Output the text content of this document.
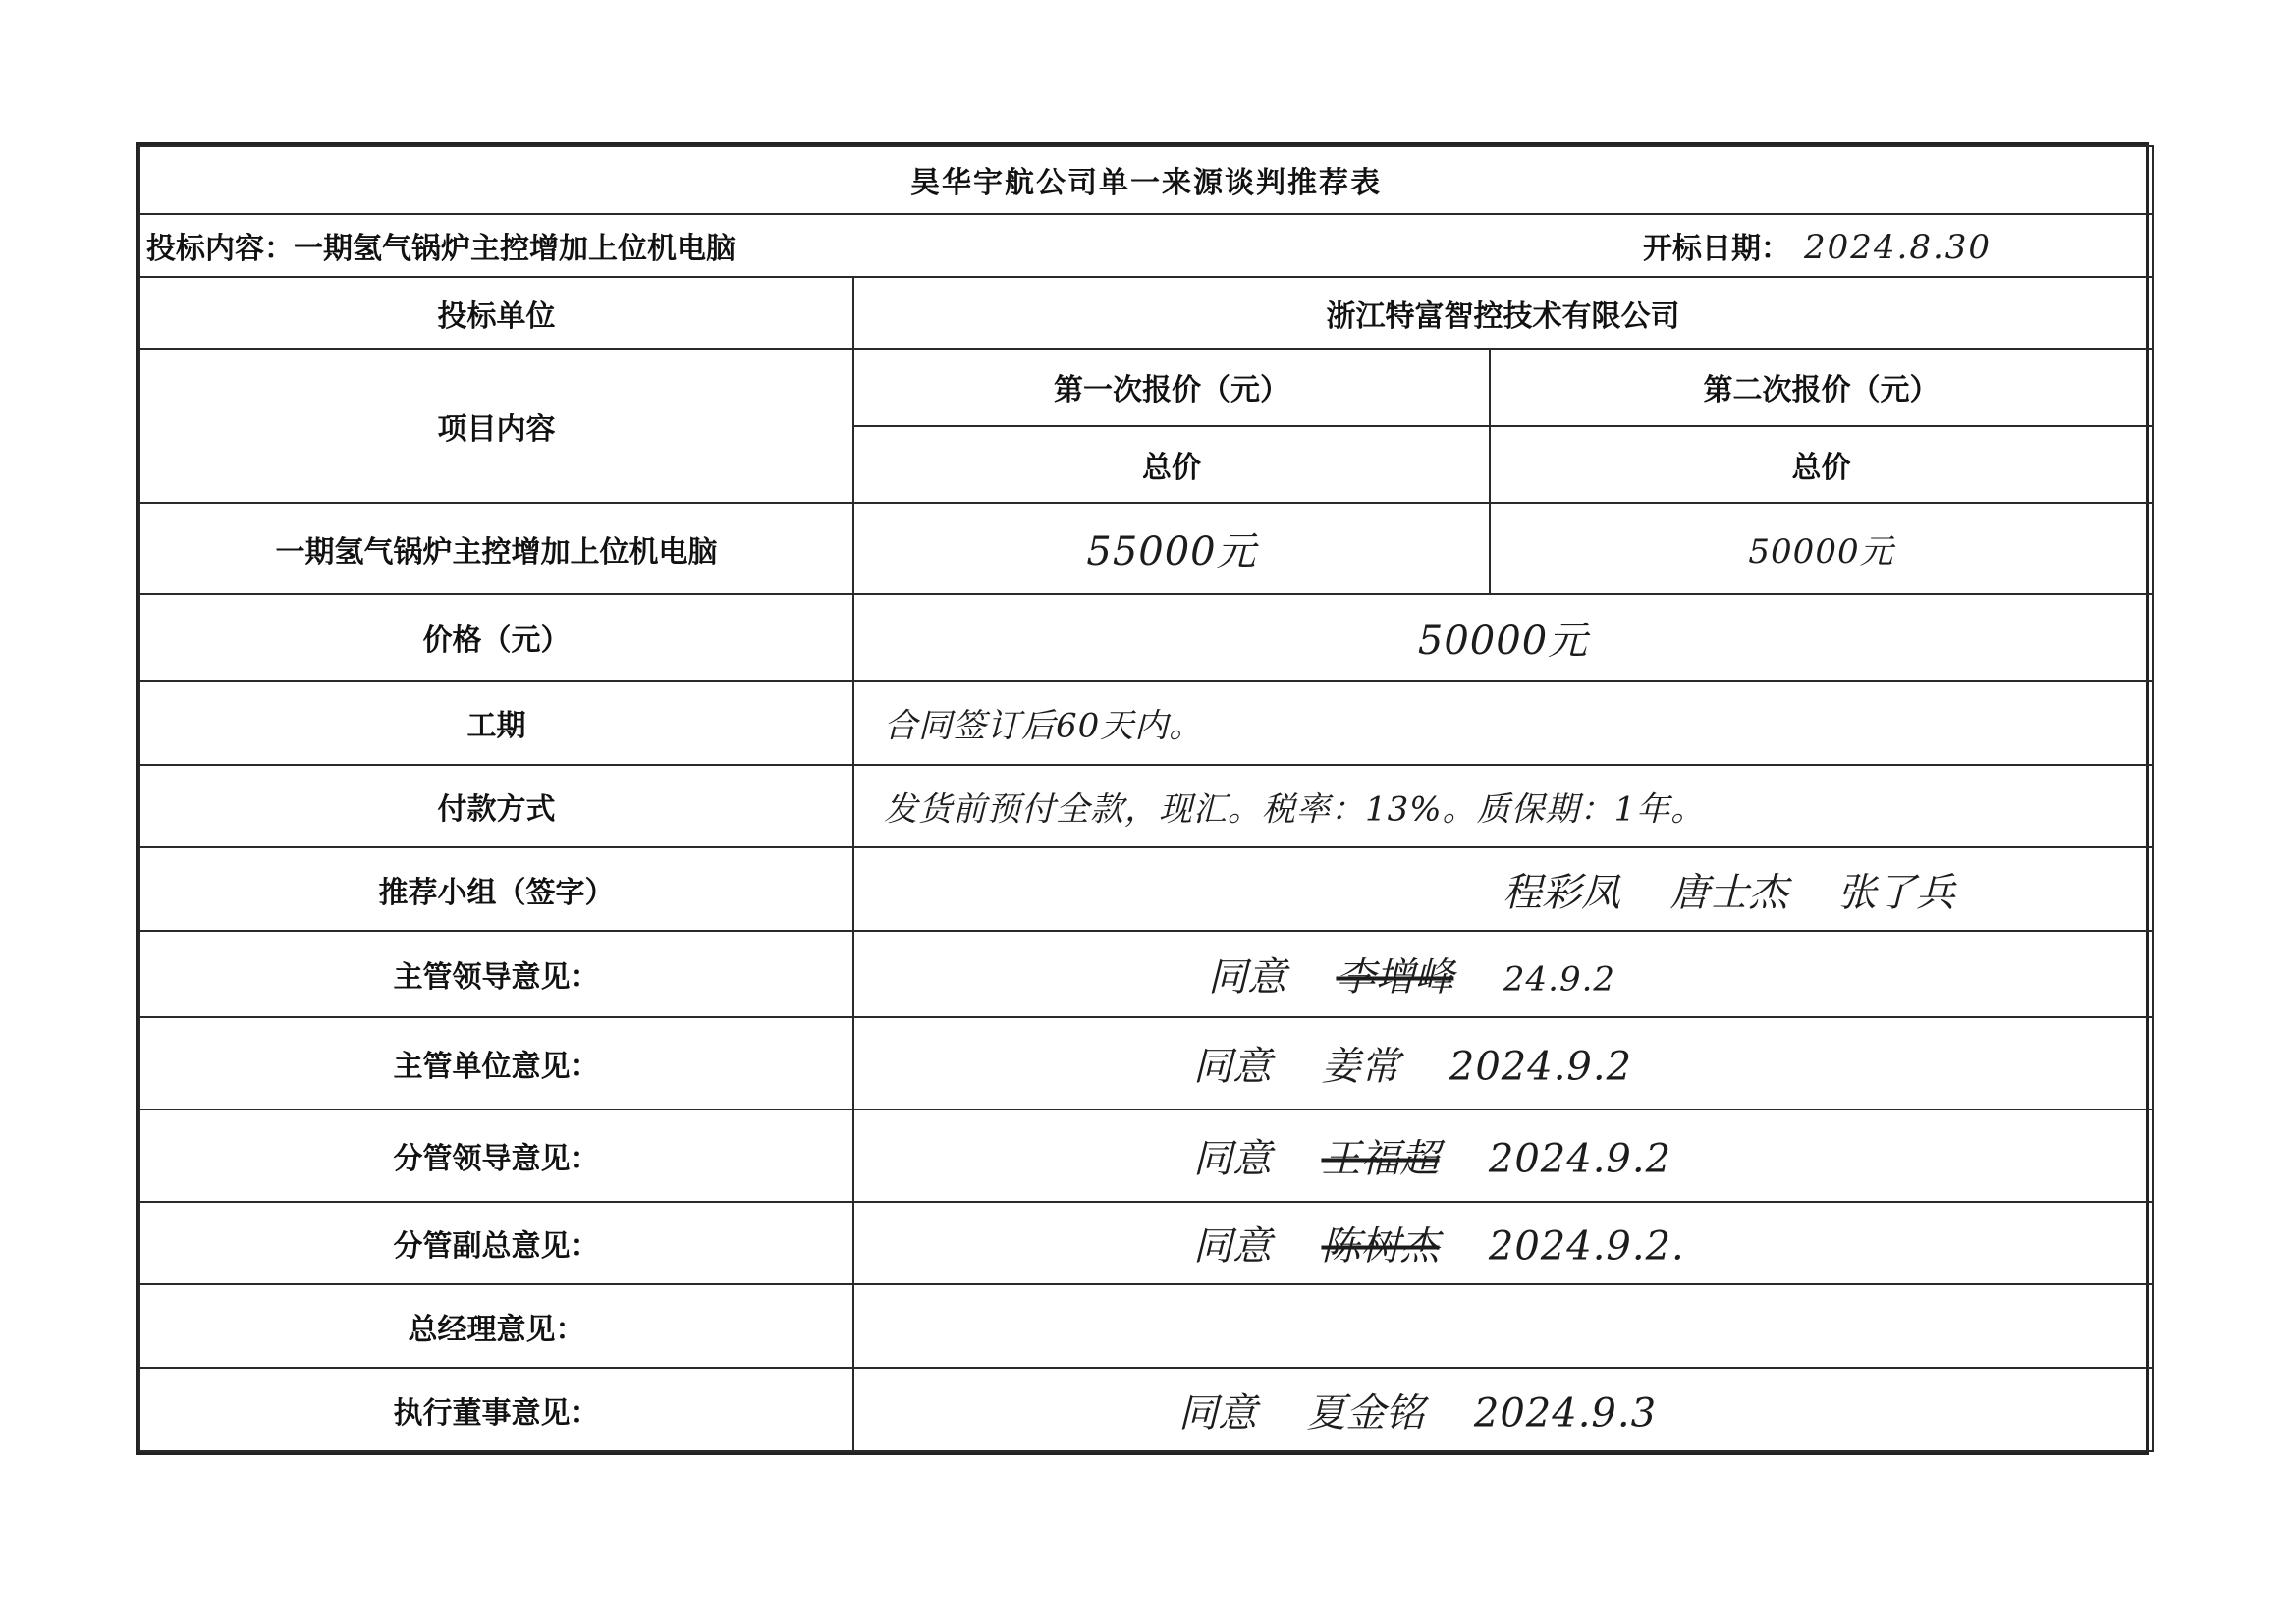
昊华宇航公司单一来源谈判推荐表		

投标内容：一期氢气锅炉主控增加上位机电脑 开标日期： 2024.8.30		

投标单位	浙江特富智控技术有限公司	
项目内容	第一次报价（元）	第二次报价（元）
	总价	总价
一期氢气锅炉主控增加上位机电脑	55000元	50000元
价格（元）	50000元	
工期	合同签订后60天内。	

付款方式	发货前预付全款，现汇。税率：13%。质保期：1年。	

推荐小组（签字）	程彩凤 唐士杰 张了兵	

主管领导意见：	同意 李增峰 24.9.2	

主管单位意见：	同意 姜常 2024.9.2	

分管领导意见：	同意 王福超 2024.9.2	

分管副总意见：	同意 陈树杰 2024.9.2.	

总经理意见：		

执行董事意见：	同意 夏金铭 2024.9.3	
